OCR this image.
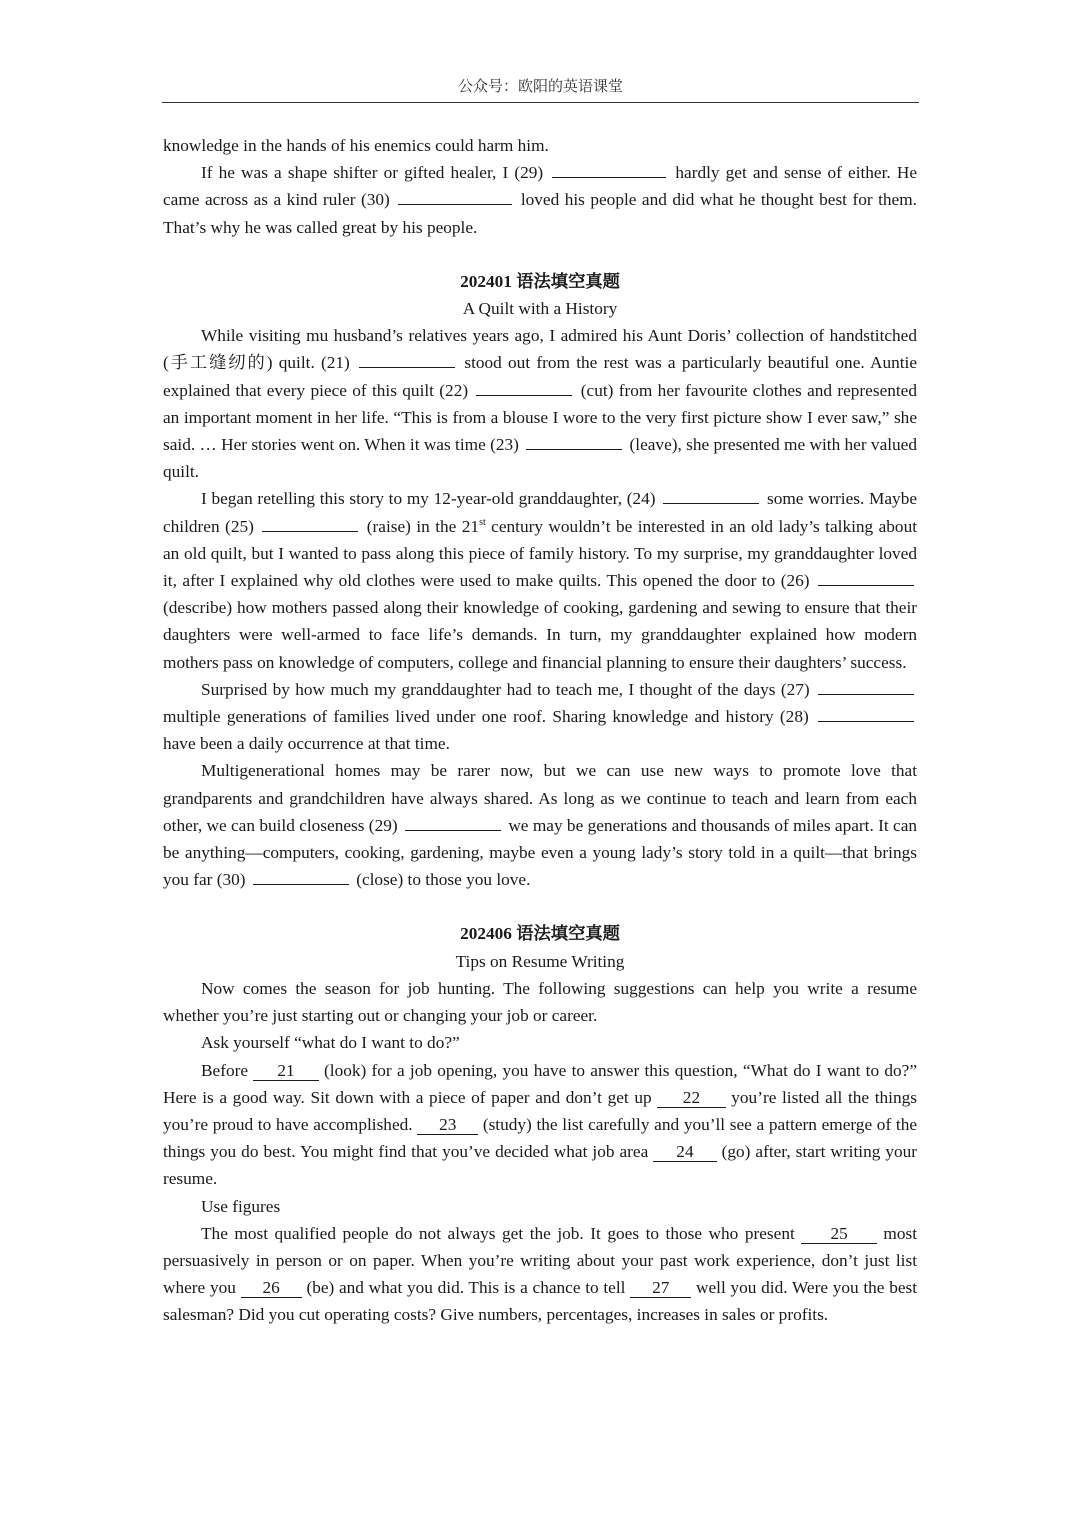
公众号：欧阳的英语课堂

knowledge in the hands of his enemics could harm him.

If he was a shape shifter or gifted healer, I (29)	hardly get and sense of either. He came across as a kind ruler (30)	loved his people and did what he thought best for them. That’s why he was called great by his people.

202401 语法填空真题

A Quilt with a History

While visiting mu husband’s relatives years ago, I admired his Aunt Doris’ collection of handstitched (手工缝纫的) quilt. (21)	stood out from the rest was a particularly beautiful one. Auntie explained that every piece of this quilt (22)	(cut) from her favourite clothes and represented an important moment in her life. “This is from a blouse I wore to the very first picture show I ever saw,” she said. … Her stories went on. When it was time (23)	(leave), she presented me with her valued quilt.

I began retelling this story to my 12-year-old granddaughter, (24)	some worries. Maybe children (25)	(raise) in the 21st century wouldn’t be interested in an old lady’s talking about an old quilt, but I wanted to pass along this piece of family history. To my surprise, my granddaughter loved it, after I explained why old clothes were used to make quilts. This opened the door to (26)  (describe) how mothers passed along their knowledge of cooking, gardening and sewing to ensure that their daughters were well-armed to face life’s demands. In turn, my granddaughter explained how modern mothers pass on knowledge of computers, college and financial planning to ensure their daughters’ success.

Surprised by how much my granddaughter had to teach me, I thought of the days (27)  multiple generations of families lived under one roof. Sharing knowledge and history (28)  have been a daily occurrence at that time.

Multigenerational homes may be rarer now, but we can use new ways to promote love that grandparents and grandchildren have always shared. As long as we continue to teach and learn from each other, we can build closeness (29)	we may be generations and thousands of miles apart. It can be anything—computers, cooking, gardening, maybe even a young lady’s story told in a quilt—that brings you far (30)	(close) to those you love.

202406 语法填空真题

Tips on Resume Writing

Now comes the season for job hunting. The following suggestions can help you write a resume whether you’re just starting out or changing your job or career.

Ask yourself “what do I want to do?”

Before 21 (look) for a job opening, you have to answer this question, “What do I want to do?” Here is a good way. Sit down with a piece of paper and don’t get up 22 you’re listed all the things you’re proud to have accomplished. 23 (study) the list carefully and you’ll see a pattern emerge of the things you do best. You might find that you’ve decided what job area 24 (go) after, start writing your resume.

Use figures

The most qualified people do not always get the job. It goes to those who present 25 most persuasively in person or on paper. When you’re writing about your past work experience, don’t just list where you 26 (be) and what you did. This is a chance to tell 27 well you did. Were you the best salesman? Did you cut operating costs? Give numbers, percentages, increases in sales or profits.
